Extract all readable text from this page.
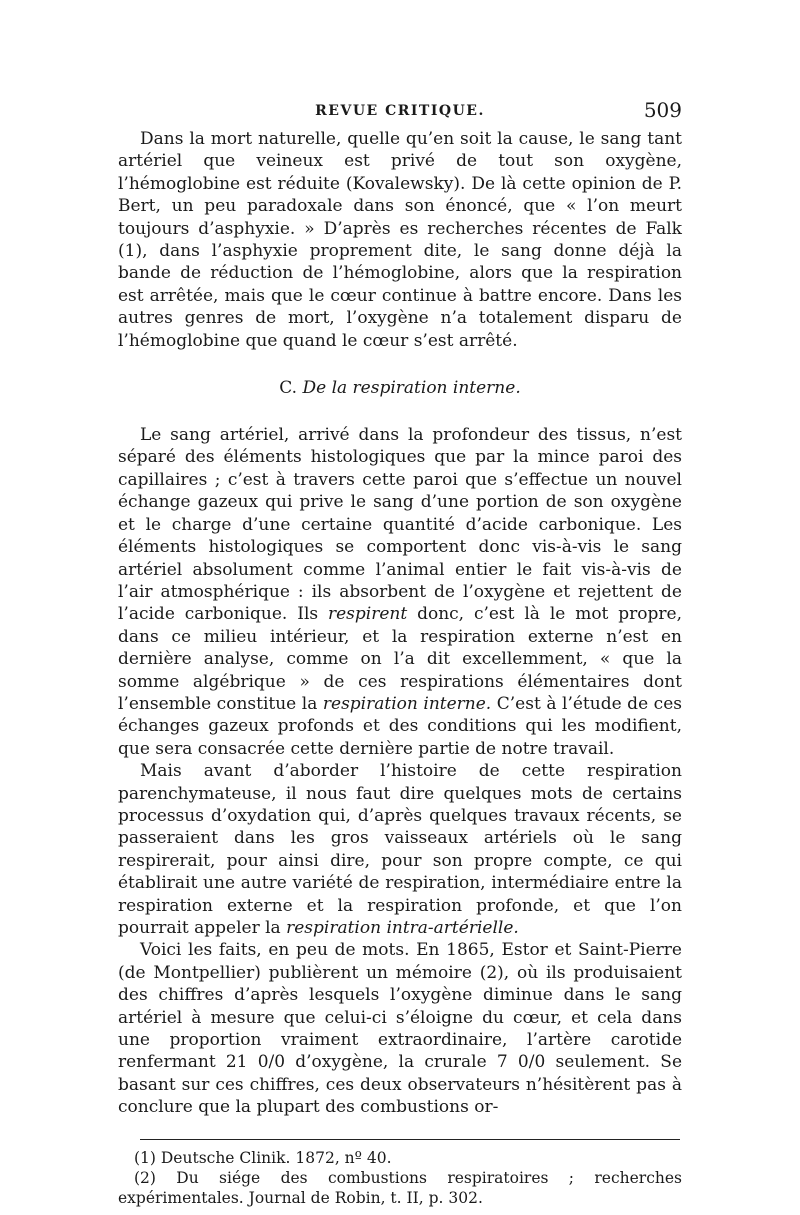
REVUE CRITIQUE.	509

Dans la mort naturelle, quelle qu’en soit la cause, le sang tant artériel que veineux est privé de tout son oxygène, l’hémoglobine est réduite (Kovalewsky). De là cette opinion de P. Bert, un peu paradoxale dans son énoncé, que « l’on meurt toujours d’asphyxie. » D’après es recherches récentes de Falk (1), dans l’asphyxie proprement dite, le sang donne déjà la bande de réduction de l’hémoglobine, alors que la respiration est arrêtée, mais que le cœur continue à battre encore. Dans les autres genres de mort, l’oxygène n’a totalement disparu de l’hémoglobine que quand le cœur s’est arrêté.

C. De la respiration interne.

Le sang artériel, arrivé dans la profondeur des tissus, n’est séparé des éléments histologiques que par la mince paroi des capillaires ; c’est à travers cette paroi que s’effectue un nouvel échange gazeux qui prive le sang d’une portion de son oxygène et le charge d’une certaine quantité d’acide carbonique. Les éléments histologiques se comportent donc vis-à-vis le sang artériel absolument comme l’animal entier le fait vis-à-vis de l’air atmosphérique : ils absorbent de l’oxygène et rejettent de l’acide carbonique. Ils respirent donc, c’est là le mot propre, dans ce milieu intérieur, et la respiration externe n’est en dernière analyse, comme on l’a dit excellemment, « que la somme algébrique » de ces respirations élémentaires dont l’ensemble constitue la respiration interne. C’est à l’étude de ces échanges gazeux profonds et des conditions qui les modifient, que sera consacrée cette dernière partie de notre travail.

Mais avant d’aborder l’histoire de cette respiration parenchymateuse, il nous faut dire quelques mots de certains processus d’oxydation qui, d’après quelques travaux récents, se passeraient dans les gros vaisseaux artériels où le sang respirerait, pour ainsi dire, pour son propre compte, ce qui établirait une autre variété de respiration, intermédiaire entre la respiration externe et la respiration profonde, et que l’on pourrait appeler la respiration intra-artérielle.

Voici les faits, en peu de mots. En 1865, Estor et Saint-Pierre (de Montpellier) publièrent un mémoire (2), où ils produisaient des chiffres d’après lesquels l’oxygène diminue dans le sang artériel à mesure que celui-ci s’éloigne du cœur, et cela dans une proportion vraiment extraordinaire, l’artère carotide renfermant 21 0/0 d’oxygène, la crurale 7 0/0 seulement. Se basant sur ces chiffres, ces deux observateurs n’hésitèrent pas à conclure que la plupart des combustions or-

(1) Deutsche Clinik. 1872, nº 40.

(2) Du siége des combustions respiratoires ; recherches expérimentales. Journal de Robin, t. II, p. 302.
